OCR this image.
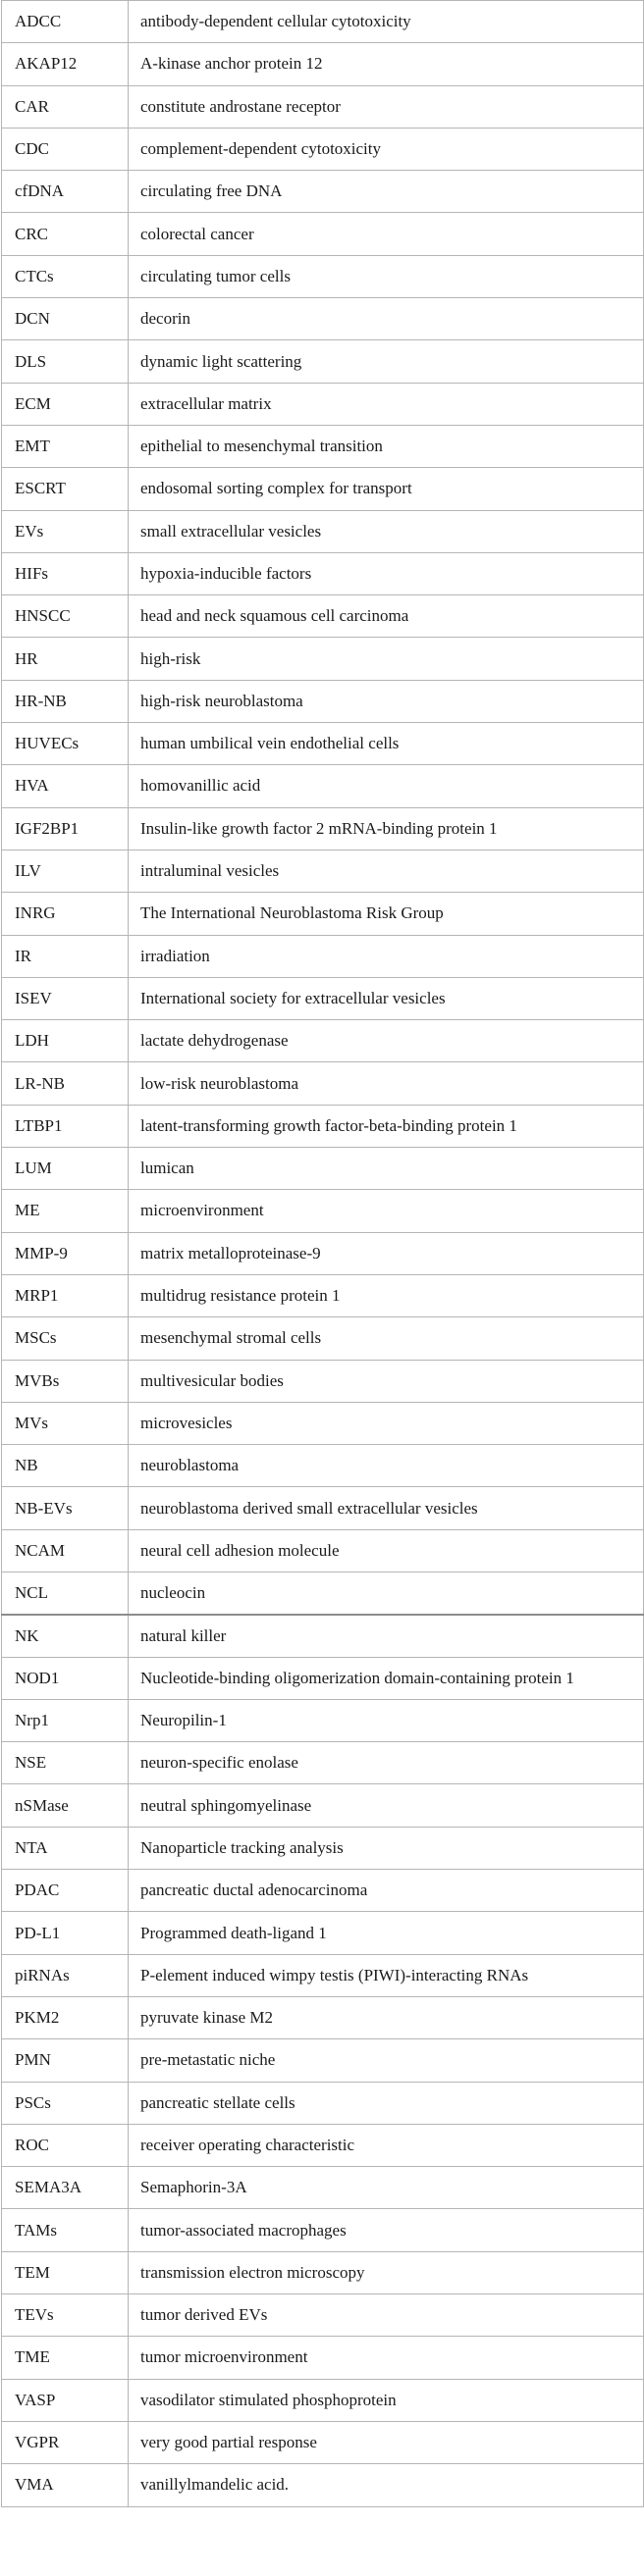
ADCC	antibody-dependent cellular cytotoxicity
AKAP12	A-kinase anchor protein 12
CAR	constitute androstane receptor
CDC	complement-dependent cytotoxicity
cfDNA	circulating free DNA
CRC	colorectal cancer
CTCs	circulating tumor cells
DCN	decorin
DLS	dynamic light scattering
ECM	extracellular matrix
EMT	epithelial to mesenchymal transition
ESCRT	endosomal sorting complex for transport
EVs	small extracellular vesicles
HIFs	hypoxia-inducible factors
HNSCC	head and neck squamous cell carcinoma
HR	high-risk
HR-NB	high-risk neuroblastoma
HUVECs	human umbilical vein endothelial cells
HVA	homovanillic acid
IGF2BP1	Insulin-like growth factor 2 mRNA-binding protein 1
ILV	intraluminal vesicles
INRG	The International Neuroblastoma Risk Group
IR	irradiation
ISEV	International society for extracellular vesicles
LDH	lactate dehydrogenase
LR-NB	low-risk neuroblastoma
LTBP1	latent-transforming growth factor-beta-binding protein 1
LUM	lumican
ME	microenvironment
MMP-9	matrix metalloproteinase-9
MRP1	multidrug resistance protein 1
MSCs	mesenchymal stromal cells
MVBs	multivesicular bodies
MVs	microvesicles
NB	neuroblastoma
NB-EVs	neuroblastoma derived small extracellular vesicles
NCAM	neural cell adhesion molecule
NCL	nucleocin
NK	natural killer
NOD1	Nucleotide-binding oligomerization domain-containing protein 1
Nrp1	Neuropilin-1
NSE	neuron-specific enolase
nSMase	neutral sphingomyelinase
NTA	Nanoparticle tracking analysis
PDAC	pancreatic ductal adenocarcinoma
PD-L1	Programmed death-ligand 1
piRNAs	P-element induced wimpy testis (PIWI)-interacting RNAs
PKM2	pyruvate kinase M2
PMN	pre-metastatic niche
PSCs	pancreatic stellate cells
ROC	receiver operating characteristic
SEMA3A	Semaphorin-3A
TAMs	tumor-associated macrophages
TEM	transmission electron microscopy
TEVs	tumor derived EVs
TME	tumor microenvironment
VASP	vasodilator stimulated phosphoprotein
VGPR	very good partial response
VMA	vanillylmandelic acid.
